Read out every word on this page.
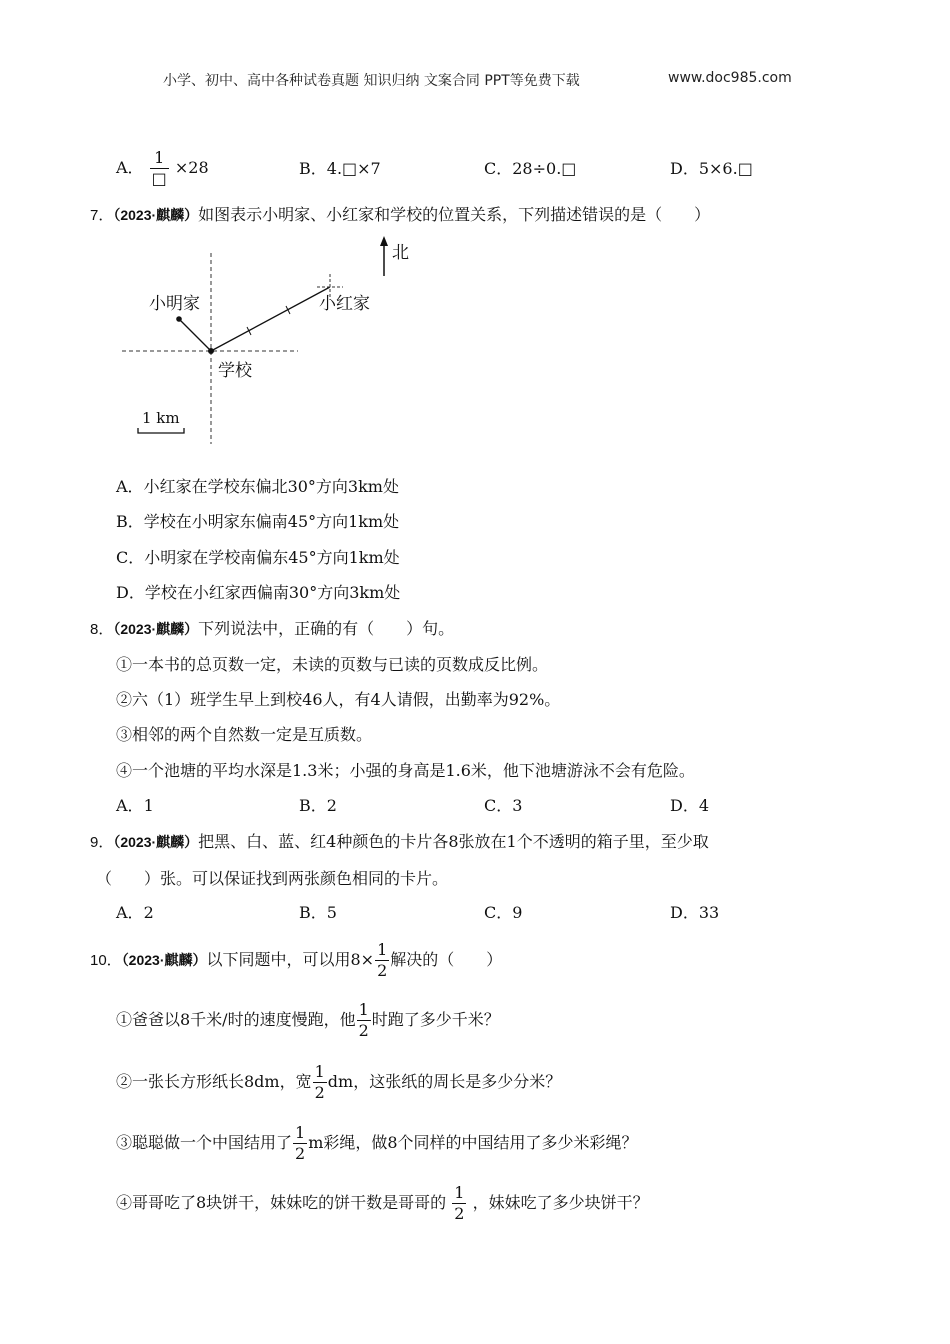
小学、初中、高中各种试卷真题 知识归纳 文案合同 PPT等免费下载	www.doc985.com
A． $\frac{1}{□} \times 28$	B．4.□×7	C．28÷0.□	D．5×6.□
7．（2023·麒麟）如图表示小明家、小红家和学校的位置关系，下列描述错误的是（　　）
北
小明家	小红家
学校
1 km
A．小红家在学校东偏北30°方向3km处
B．学校在小明家东偏南45°方向1km处
C．小明家在学校南偏东45°方向1km处
D．学校在小红家西偏南30°方向3km处
8．（2023·麒麟）下列说法中，正确的有（　　）句。
①一本书的总页数一定，未读的页数与已读的页数成反比例。
②六（1）班学生早上到校46人，有4人请假，出勤率为92%。
③相邻的两个自然数一定是互质数。
④一个池塘的平均水深是1.3米；小强的身高是1.6米，他下池塘游泳不会有危险。
A．1	B．2	C．3	D．4
9．（2023·麒麟）把黑、白、蓝、红4种颜色的卡片各8张放在1个不透明的箱子里，至少取
（　　）张。可以保证找到两张颜色相同的卡片。
A．2	B．5	C．9	D．33
10．（2023·麒麟）以下同题中，可以用$8\times \frac{1}{2}$ 解决的（　　）
①爸爸以8千米/时的速度慢跑，他 $\frac{1}{2}$ 时跑了多少千米？
②一张长方形纸长8dm，宽 $\frac{1}{2}$ dm，这张纸的周长是多少分米？
③聪聪做一个中国结用了 $\frac{1}{2}$ m彩绳，做8个同样的中国结用了多少米彩绳？
④哥哥吃了8块饼干，妹妹吃的饼干数是哥哥的 $\frac{1}{2}$ ，妹妹吃了多少块饼干？
